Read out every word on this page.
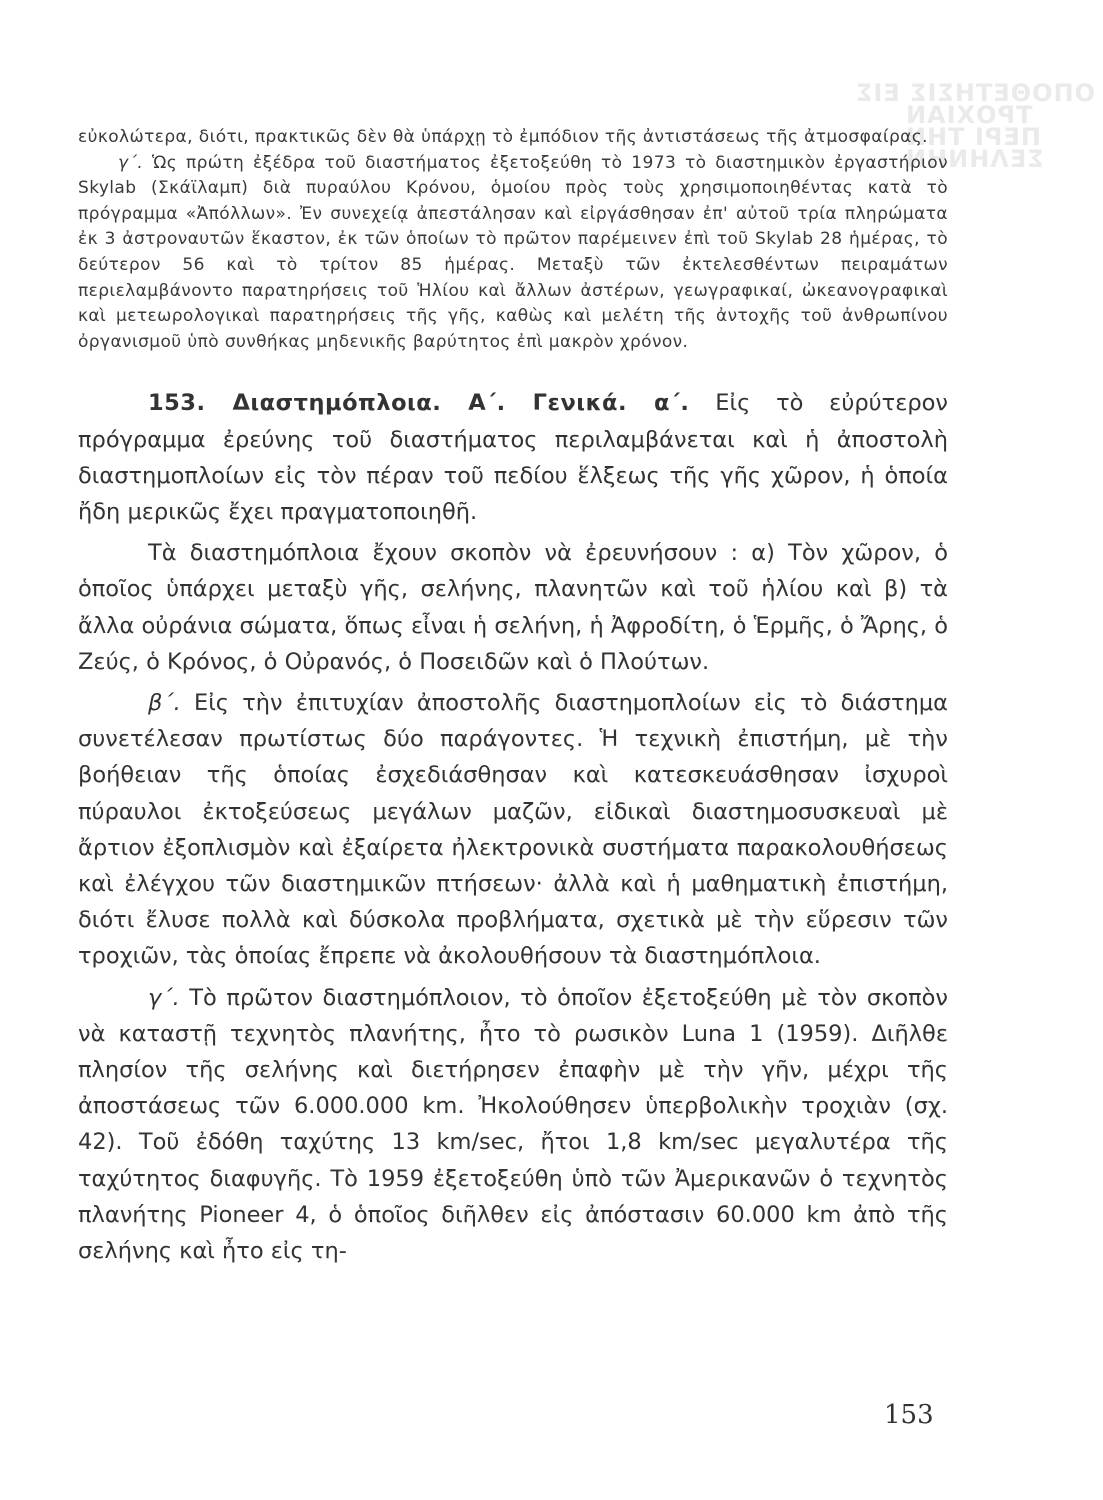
ΟΠΟΘΕΤΗΣΙΣ ΕΙΣ
ΤΡΟΧΙΑΝ
ΠΕΡΙ ΤΗΝ
ΣΕΛΗΝΗΝ

εὐκολώτερα, διότι, πρακτικῶς δὲν θὰ ὑπάρχῃ τὸ ἐμπόδιον τῆς ἀντιστάσεως τῆς ἀτμοσφαίρας.

γ΄. Ὡς πρώτη ἐξέδρα τοῦ διαστήματος ἐξετοξεύθη τὸ 1973 τὸ διαστημικὸν ἐργαστήριον Skylab (Σκάϊλαμπ) διὰ πυραύλου Κρόνου, ὁμοίου πρὸς τοὺς χρησιμοποιηθέντας κατὰ τὸ πρόγραμμα «Ἀπόλλων». Ἐν συνεχείᾳ ἀπεστάλησαν καὶ εἰργάσθησαν ἐπ' αὐτοῦ τρία πληρώματα ἐκ 3 ἀστροναυτῶν ἕκαστον, ἐκ τῶν ὁποίων τὸ πρῶτον παρέμεινεν ἐπὶ τοῦ Skylab 28 ἡμέρας, τὸ δεύτερον 56 καὶ τὸ τρίτον 85 ἡμέρας. Μεταξὺ τῶν ἐκτελεσθέντων πειραμάτων περιελαμβάνοντο παρατηρήσεις τοῦ Ἡλίου καὶ ἄλλων ἀστέρων, γεωγραφικαί, ὠκεανογραφικαὶ καὶ μετεωρολογικαὶ παρατηρήσεις τῆς γῆς, καθὼς καὶ μελέτη τῆς ἀντοχῆς τοῦ ἀνθρωπίνου ὀργανισμοῦ ὑπὸ συνθήκας μηδενικῆς βαρύτητος ἐπὶ μακρὸν χρόνον.

153. Διαστημόπλοια. Α΄. Γενικά. α΄. Εἰς τὸ εὐρύτερον πρόγραμμα ἐρεύνης τοῦ διαστήματος περιλαμβάνεται καὶ ἡ ἀποστολὴ διαστημοπλοίων εἰς τὸν πέραν τοῦ πεδίου ἕλξεως τῆς γῆς χῶρον, ἡ ὁποία ἤδη μερικῶς ἔχει πραγματοποιηθῆ.

Τὰ διαστημόπλοια ἔχουν σκοπὸν νὰ ἐρευνήσουν : α) Τὸν χῶρον, ὁ ὁποῖος ὑπάρχει μεταξὺ γῆς, σελήνης, πλανητῶν καὶ τοῦ ἡλίου καὶ β) τὰ ἄλλα οὐράνια σώματα, ὅπως εἶναι ἡ σελήνη, ἡ Ἀφροδίτη, ὁ Ἑρμῆς, ὁ Ἄρης, ὁ Ζεύς, ὁ Κρόνος, ὁ Οὐρανός, ὁ Ποσειδῶν καὶ ὁ Πλούτων.

β΄. Εἰς τὴν ἐπιτυχίαν ἀποστολῆς διαστημοπλοίων εἰς τὸ διάστημα συνετέλεσαν πρωτίστως δύο παράγοντες. Ἡ τεχνικὴ ἐπιστήμη, μὲ τὴν βοήθειαν τῆς ὁποίας ἐσχεδιάσθησαν καὶ κατεσκευάσθησαν ἰσχυροὶ πύραυλοι ἐκτοξεύσεως μεγάλων μαζῶν, εἰδικαὶ διαστημοσυσκευαὶ μὲ ἄρτιον ἐξοπλισμὸν καὶ ἐξαίρετα ἠλεκτρονικὰ συστήματα παρακολουθήσεως καὶ ἐλέγχου τῶν διαστημικῶν πτήσεων· ἀλλὰ καὶ ἡ μαθηματικὴ ἐπιστήμη, διότι ἔλυσε πολλὰ καὶ δύσκολα προβλήματα, σχετικὰ μὲ τὴν εὕρεσιν τῶν τροχιῶν, τὰς ὁποίας ἔπρεπε νὰ ἀκολουθήσουν τὰ διαστημόπλοια.

γ΄. Τὸ πρῶτον διαστημόπλοιον, τὸ ὁποῖον ἐξετοξεύθη μὲ τὸν σκοπὸν νὰ καταστῇ τεχνητὸς πλανήτης, ἦτο τὸ ρωσικὸν Luna 1 (1959). Διῆλθε πλησίον τῆς σελήνης καὶ διετήρησεν ἐπαφὴν μὲ τὴν γῆν, μέχρι τῆς ἀποστάσεως τῶν 6.000.000 km. Ἠκολούθησεν ὑπερβολικὴν τροχιὰν (σχ. 42). Τοῦ ἐδόθη ταχύτης 13 km/sec, ἤτοι 1,8 km/sec μεγαλυτέρα τῆς ταχύτητος διαφυγῆς. Τὸ 1959 ἐξετοξεύθη ὑπὸ τῶν Ἀμερικανῶν ὁ τεχνητὸς πλανήτης Pioneer 4, ὁ ὁποῖος διῆλθεν εἰς ἀπόστασιν 60.000 km ἀπὸ τῆς σελήνης καὶ ἦτο εἰς τη-

153
